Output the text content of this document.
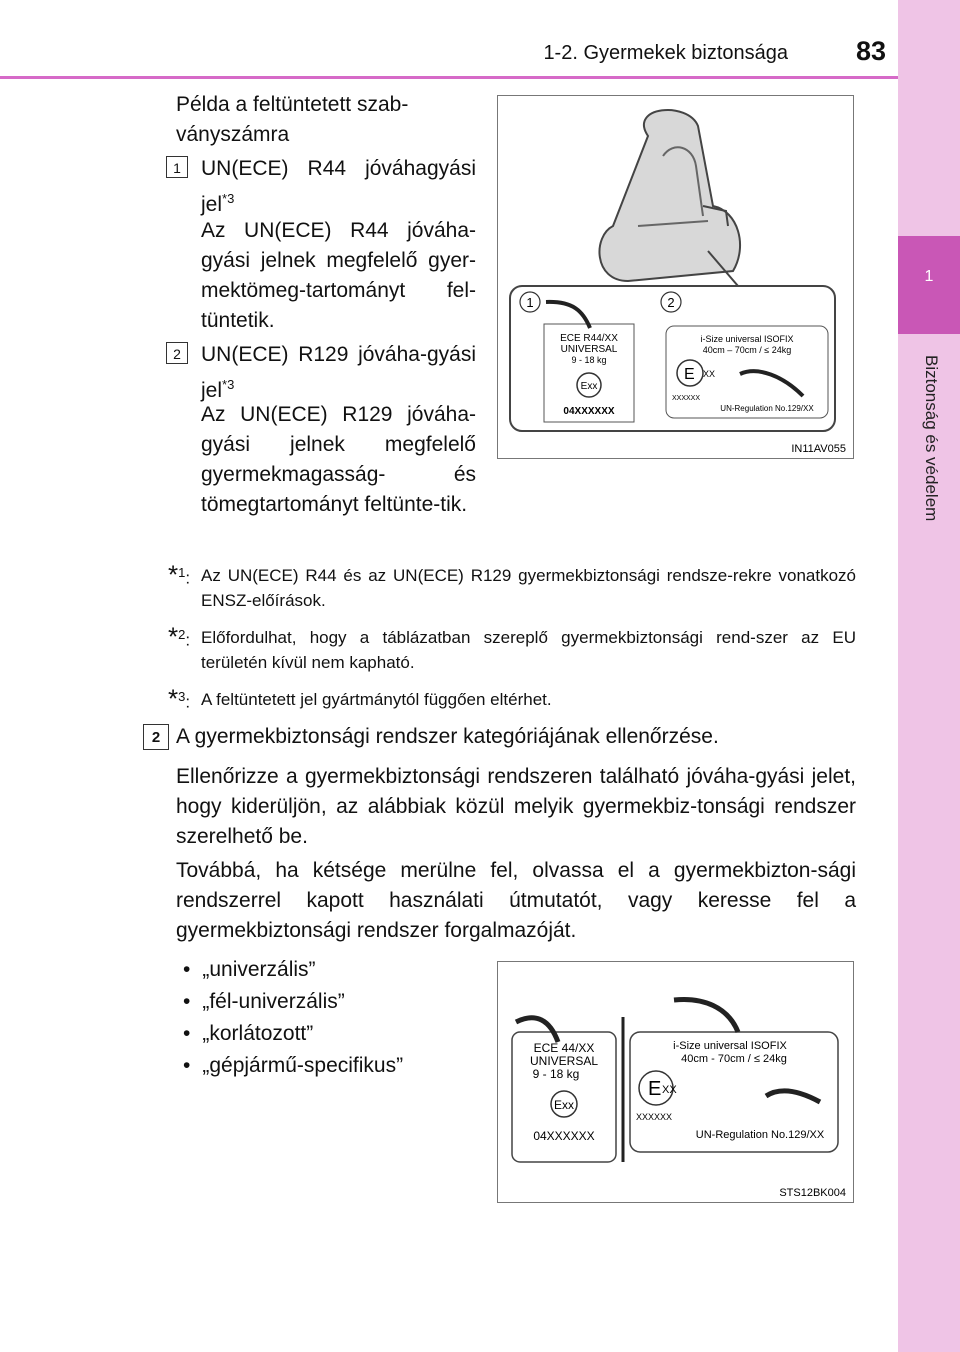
1-2. Gyermekek biztonsága	83
1
Biztonság és védelem
Példa a feltüntetett szab-
ványszámra
1 UN(ECE) R44 jóváhagyási jel$^{*3}$
Az UN(ECE) R44 jóváha-gyási jelnek megfelelő gyer-mektömeg-tartományt fel-tüntetik.
2 UN(ECE) R129 jóváha-gyási jel$^{*3}$
Az UN(ECE) R129 jóváha-gyási jelnek megfelelő gyermekmagasság- és tömegtartományt feltünte-tik.
ECE R44/XX
UNIVERSAL
9 - 18 kg
Exx
04XXXXXX
i-Size universal ISOFIX
40cm – 70cm / ≤ 24kg
E XX
XXXXXX
UN-Regulation No.129/XX
1	2
IN11AV055
*$^1$: Az UN(ECE) R44 és az UN(ECE) R129 gyermekbiztonsági rendsze-rekre vonatkozó ENSZ-előírások.
*$^2$: Előfordulhat, hogy a táblázatban szereplő gyermekbiztonsági rend-szer az EU területén kívül nem kapható.
*$^3$: A feltüntetett jel gyártmánytól függően eltérhet.
2 A gyermekbiztonsági rendszer kategóriájának ellenőrzése.
Ellenőrizze a gyermekbiztonsági rendszeren található jóváha-gyási jelet, hogy kiderüljön, az alábbiak közül melyik gyermekbiz-tonsági rendszer szerelhető be.
Továbbá, ha kétsége merülne fel, olvassa el a gyermekbizton-sági rendszerrel kapott használati útmutatót, vagy keresse fel a gyermekbiztonsági rendszer forgalmazóját.
• „univerzális”
• „fél-univerzális”
• „korlátozott”
• „gépjármű-specifikus”
ECE 44/XX
UNIVERSAL
9 - 18 kg
Exx
04XXXXXX
i-Size universal ISOFIX
40cm - 70cm / ≤ 24kg
E XX
XXXXXX
UN-Regulation No.129/XX
STS12BK004
